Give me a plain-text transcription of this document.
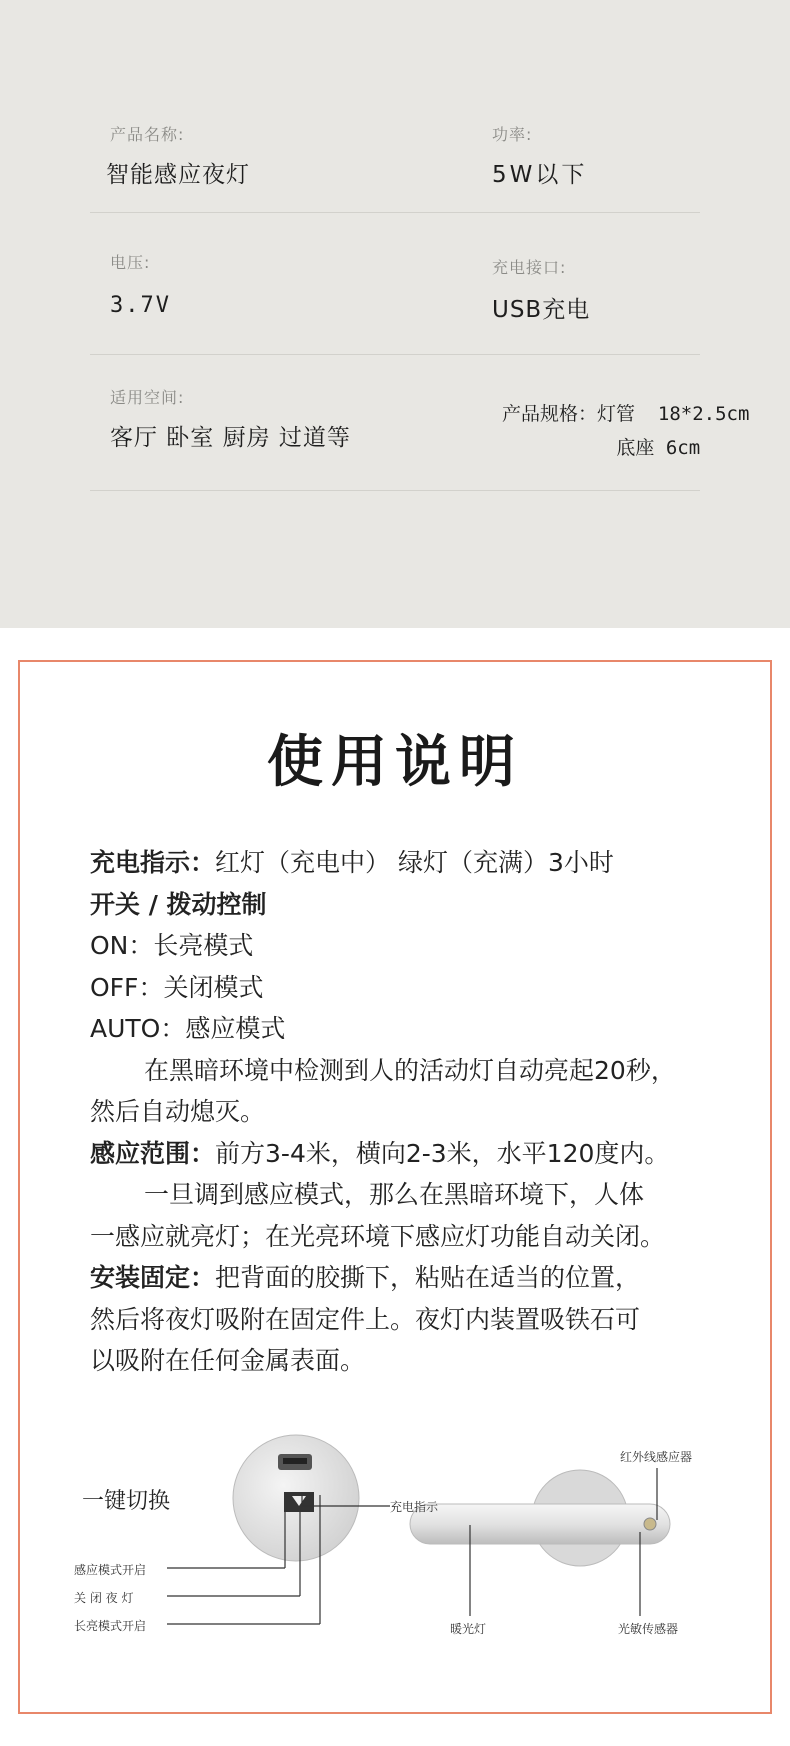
产品名称:
智能感应夜灯
功率:
5W以下
电压:
3.7V
充电接口:
USB充电
适用空间:
客厅 卧室 厨房 过道等
产品规格：灯管  18*2.5cm
底座 6cm
使用说明
充电指示：红灯（充电中） 绿灯（充满）3小时
开关 / 拨动控制
ON：长亮模式
OFF：关闭模式
AUTO：感应模式
在黑暗环境中检测到人的活动灯自动亮起20秒，
然后自动熄灭。
感应范围：前方3-4米，横向2-3米，水平120度内。
一旦调到感应模式，那么在黑暗环境下，人体
一感应就亮灯；在光亮环境下感应灯功能自动关闭。
安装固定：把背面的胶撕下，粘贴在适当的位置，
然后将夜灯吸附在固定件上。夜灯内装置吸铁石可
以吸附在任何金属表面。
一键切换
感应模式开启
关 闭 夜 灯
长亮模式开启
充电指示
红外线感应器
暖光灯	光敏传感器
